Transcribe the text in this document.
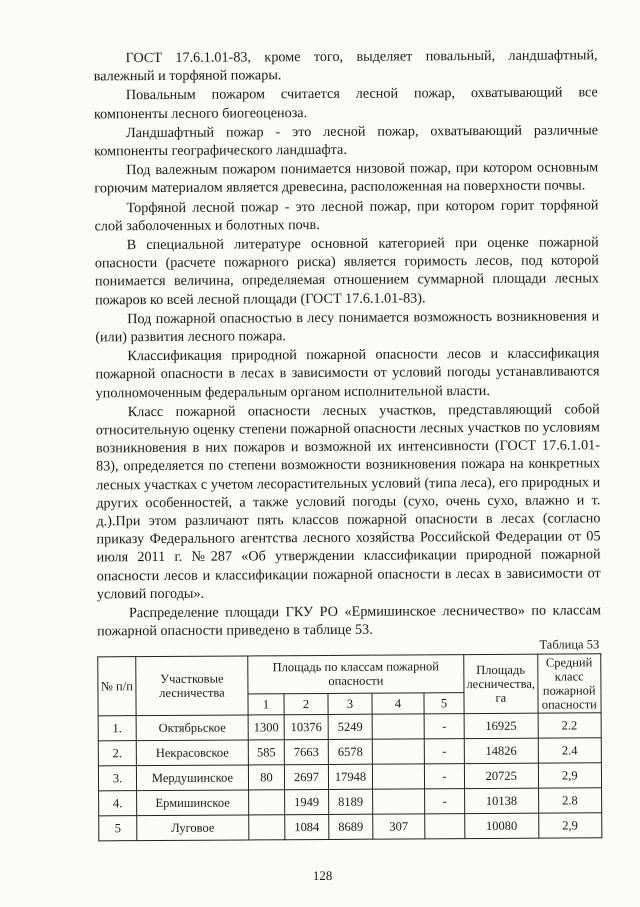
ГОСТ 17.6.1.01-83, кроме того, выделяет повальный, ландшафтный, валежный и торфяной пожары.

Повальным пожаром считается лесной пожар, охватывающий все компоненты лесного биогеоценоза.

Ландшафтный пожар - это лесной пожар, охватывающий различные компоненты географического ландшафта.

Под валежным пожаром понимается низовой пожар, при котором основным горючим материалом является древесина, расположенная на поверхности почвы.

Торфяной лесной пожар - это лесной пожар, при котором горит торфяной слой заболоченных и болотных почв.

В специальной литературе основной категорией при оценке пожарной опасности (расчете пожарного риска) является горимость лесов, под которой понимается величина, определяемая отношением суммарной площади лесных пожаров ко всей лесной площади (ГОСТ 17.6.1.01-83).

Под пожарной опасностью в лесу понимается возможность возникновения и (или) развития лесного пожара.

Классификация природной пожарной опасности лесов и классификация пожарной опасности в лесах в зависимости от условий погоды устанавливаются уполномоченным федеральным органом исполнительной власти.

Класс пожарной опасности лесных участков, представляющий собой относительную оценку степени пожарной опасности лесных участков по условиям возникновения в них пожаров и возможной их интенсивности (ГОСТ 17.6.1.01-83), определяется по степени возможности возникновения пожара на конкретных лесных участках с учетом лесорастительных условий (типа леса), его природных и других особенностей, а также условий погоды (сухо, очень сухо, влажно и т. д.).При этом различают пять классов пожарной опасности в лесах (согласно приказу Федерального агентства лесного хозяйства Российской Федерации от 05 июля 2011 г. №287 «Об утверждении классификации природной пожарной опасности лесов и классификации пожарной опасности в лесах в зависимости от условий погоды».

Распределение площади ГКУ РО «Ермишинское лесничество» по классам пожарной опасности приведено в таблице 53.

Таблица 53
№ п/п	Участковые лесничества	Площадь по классам пожарной опасности					Площадь лесничества, га	Средний класс пожарной опасности
		1	2	3	4	5		
1.	Октябрьское	1300	10376	5249		-	16925	2.2
2.	Некрасовское	585	7663	6578		-	14826	2.4
3.	Мердушинское	80	2697	17948		-	20725	2,9
4.	Ермишинское		1949	8189		-	10138	2.8
5	Луговое		1084	8689	307		10080	2,9
128
